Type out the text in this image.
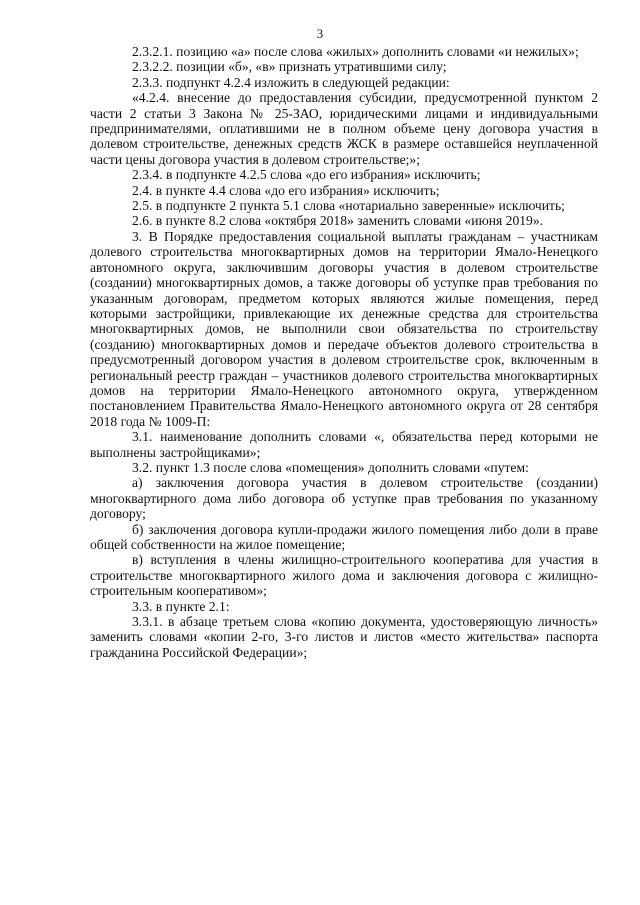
3

2.3.2.1. позицию «а» после слова «жилых» дополнить словами «и нежилых»;

2.3.2.2. позиции «б», «в» признать утратившими силу;

2.3.3. подпункт 4.2.4 изложить в следующей редакции:

«4.2.4. внесение до предоставления субсидии, предусмотренной пунктом 2 части 2 статьи 3 Закона № 25-ЗАО, юридическими лицами и индивидуальными предпринимателями, оплатившими не в полном объеме цену договора участия в долевом строительстве, денежных средств ЖСК в размере оставшейся неуплаченной части цены договора участия в долевом строительстве;»;

2.3.4. в подпункте 4.2.5 слова «до его избрания» исключить;

2.4. в пункте 4.4 слова «до его избрания» исключить;

2.5. в подпункте 2 пункта 5.1 слова «нотариально заверенные» исключить;

2.6. в пункте 8.2 слова «октября 2018» заменить словами «июня 2019».

3. В Порядке предоставления социальной выплаты гражданам – участникам долевого строительства многоквартирных домов на территории Ямало-Ненецкого автономного округа, заключившим договоры участия в долевом строительстве (создании) многоквартирных домов, а также договоры об уступке прав требования по указанным договорам, предметом которых являются жилые помещения, перед которыми застройщики, привлекающие их денежные средства для строительства многоквартирных домов, не выполнили свои обязательства по строительству (созданию) многоквартирных домов и передаче объектов долевого строительства в предусмотренный договором участия в долевом строительстве срок, включенным в региональный реестр граждан – участников долевого строительства многоквартирных домов на территории Ямало-Ненецкого автономного округа, утвержденном постановлением Правительства Ямало-Ненецкого автономного округа от 28 сентября 2018 года № 1009-П:

3.1. наименование дополнить словами «, обязательства перед которыми не выполнены застройщиками»;

3.2. пункт 1.3 после слова «помещения» дополнить словами «путем:

а) заключения договора участия в долевом строительстве (создании) многоквартирного дома либо договора об уступке прав требования по указанному договору;

б) заключения договора купли-продажи жилого помещения либо доли в праве общей собственности на жилое помещение;

в) вступления в члены жилищно-строительного кооператива для участия в строительстве многоквартирного жилого дома и заключения договора с жилищно-строительным кооперативом»;

3.3. в пункте 2.1:

3.3.1. в абзаце третьем слова «копию документа, удостоверяющую личность» заменить словами «копии 2-го, 3-го листов и листов «место жительства» паспорта гражданина Российской Федерации»;
